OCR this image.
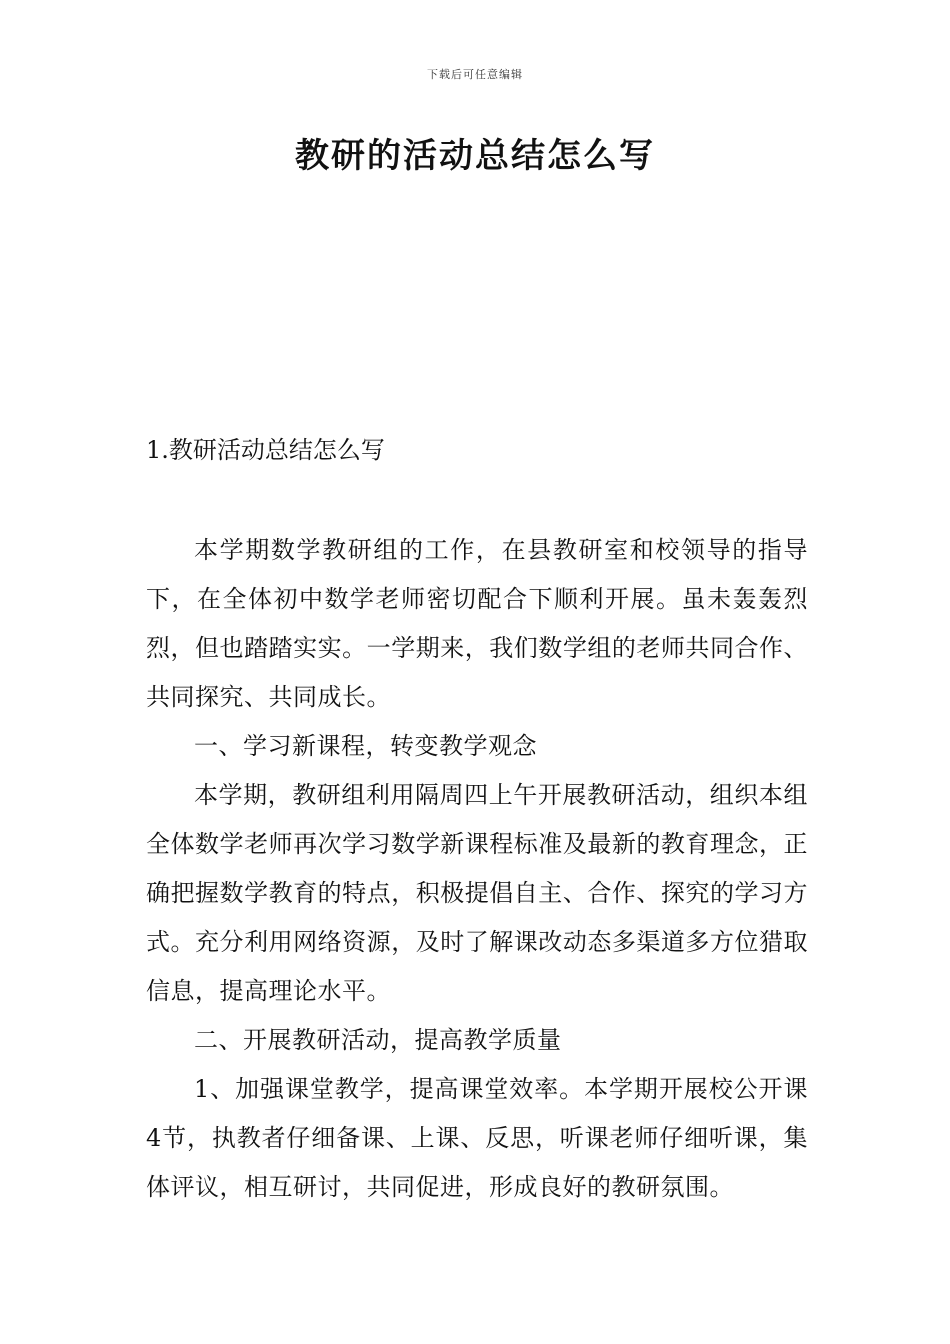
下载后可任意编辑
教研的活动总结怎么写
1.教研活动总结怎么写

本学期数学教研组的工作，在县教研室和校领导的指导下，在全体初中数学老师密切配合下顺利开展。虽未轰轰烈烈，但也踏踏实实。一学期来，我们数学组的老师共同合作、共同探究、共同成长。

一、学习新课程，转变教学观念

本学期，教研组利用隔周四上午开展教研活动，组织本组全体数学老师再次学习数学新课程标准及最新的教育理念，正确把握数学教育的特点，积极提倡自主、合作、探究的学习方式。充分利用网络资源，及时了解课改动态多渠道多方位猎取信息，提高理论水平。

二、开展教研活动，提高教学质量

1、加强课堂教学，提高课堂效率。本学期开展校公开课4节，执教者仔细备课、上课、反思，听课老师仔细听课，集体评议，相互研讨，共同促进，形成良好的教研氛围。
